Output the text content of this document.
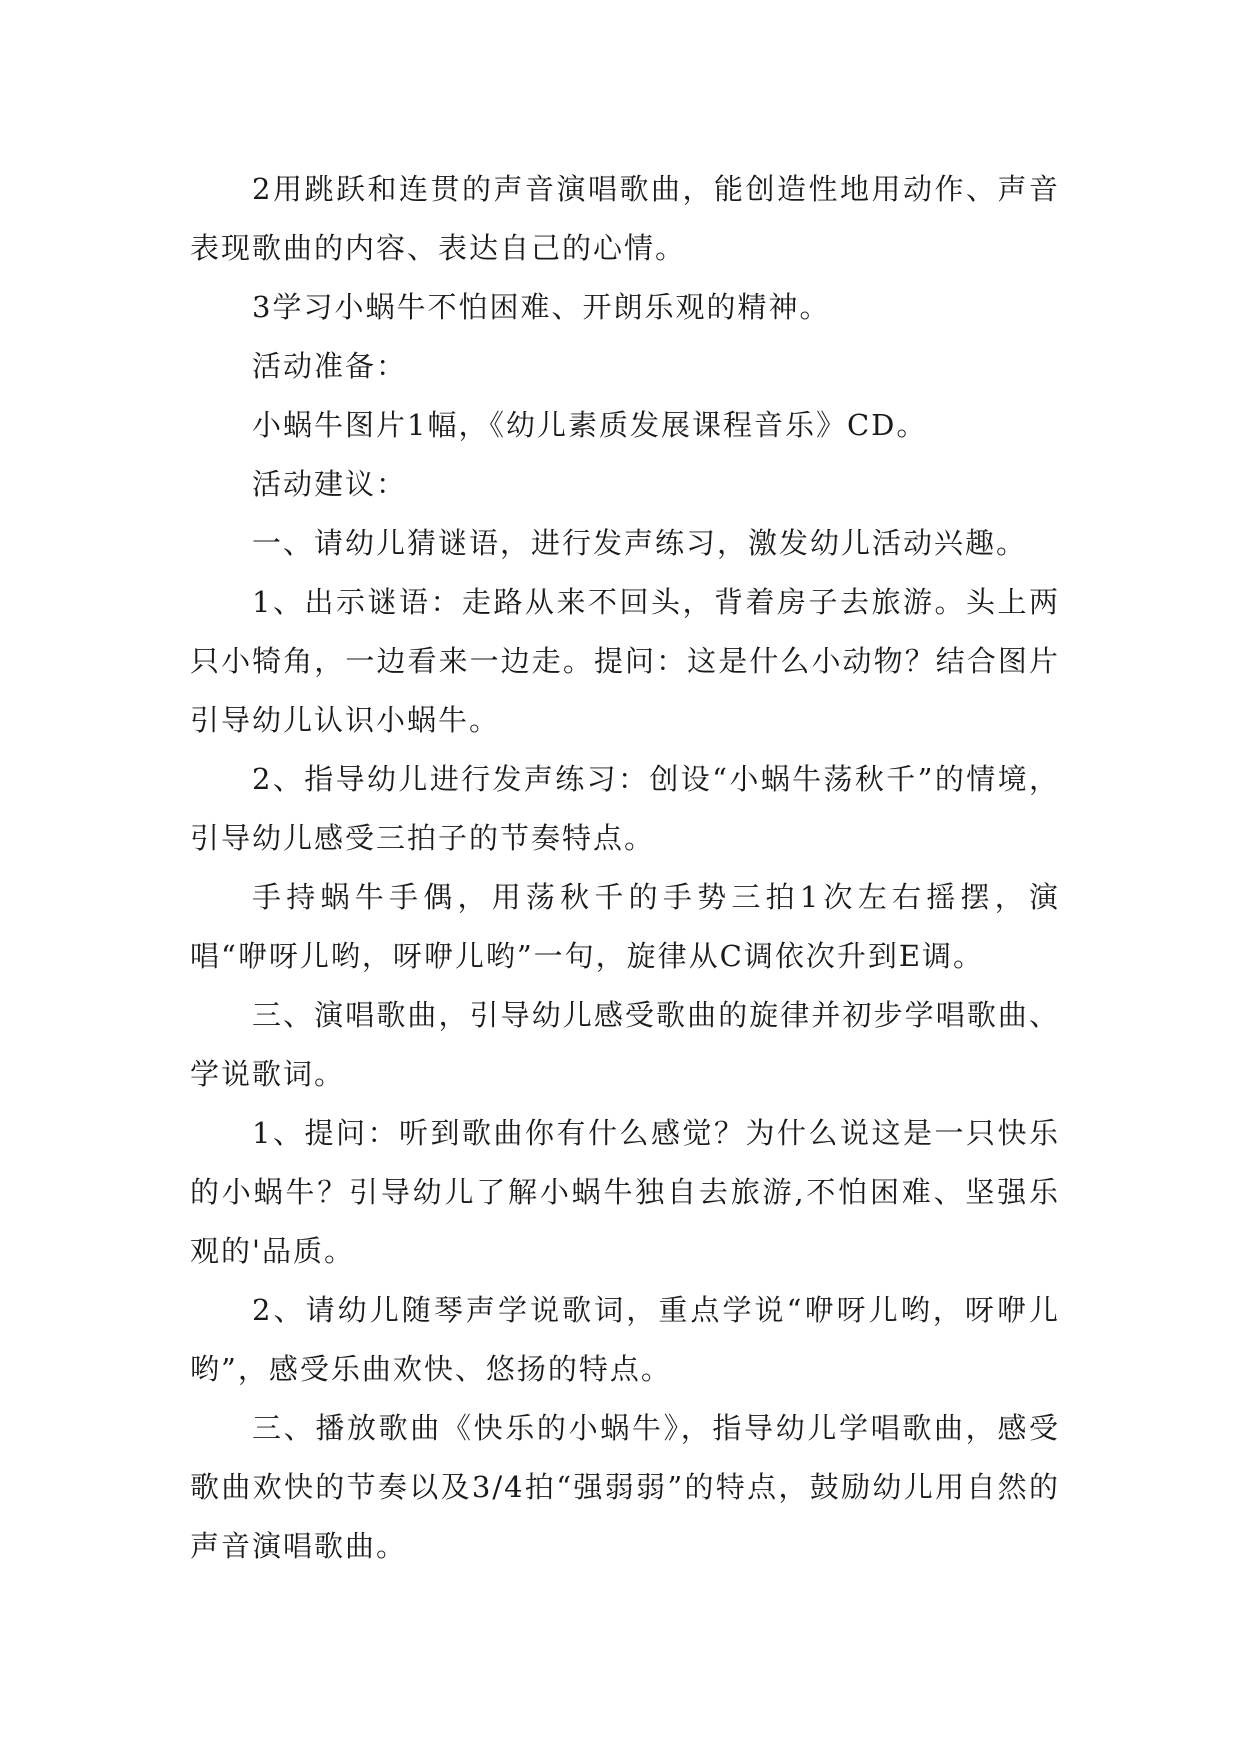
2用跳跃和连贯的声音演唱歌曲，能创造性地用动作、声音表现歌曲的内容、表达自己的心情。

3学习小蜗牛不怕困难、开朗乐观的精神。

活动准备：

小蜗牛图片1幅，《幼儿素质发展课程音乐》CD。

活动建议：

一、请幼儿猜谜语，进行发声练习，激发幼儿活动兴趣。

1、出示谜语：走路从来不回头，背着房子去旅游。头上两只小犄角，一边看来一边走。提问：这是什么小动物？结合图片引导幼儿认识小蜗牛。

2、指导幼儿进行发声练习：创设“小蜗牛荡秋千”的情境，引导幼儿感受三拍子的节奏特点。

手持蜗牛手偶，用荡秋千的手势三拍1次左右摇摆，演唱“咿呀儿哟，呀咿儿哟”一句，旋律从C调依次升到E调。

三、演唱歌曲，引导幼儿感受歌曲的旋律并初步学唱歌曲、学说歌词。

1、提问：听到歌曲你有什么感觉？为什么说这是一只快乐的小蜗牛？引导幼儿了解小蜗牛独自去旅游,不怕困难、坚强乐观的'品质。

2、请幼儿随琴声学说歌词，重点学说“咿呀儿哟，呀咿儿哟”，感受乐曲欢快、悠扬的特点。

三、播放歌曲《快乐的小蜗牛》，指导幼儿学唱歌曲，感受歌曲欢快的节奏以及3/4拍“强弱弱”的特点，鼓励幼儿用自然的声音演唱歌曲。
